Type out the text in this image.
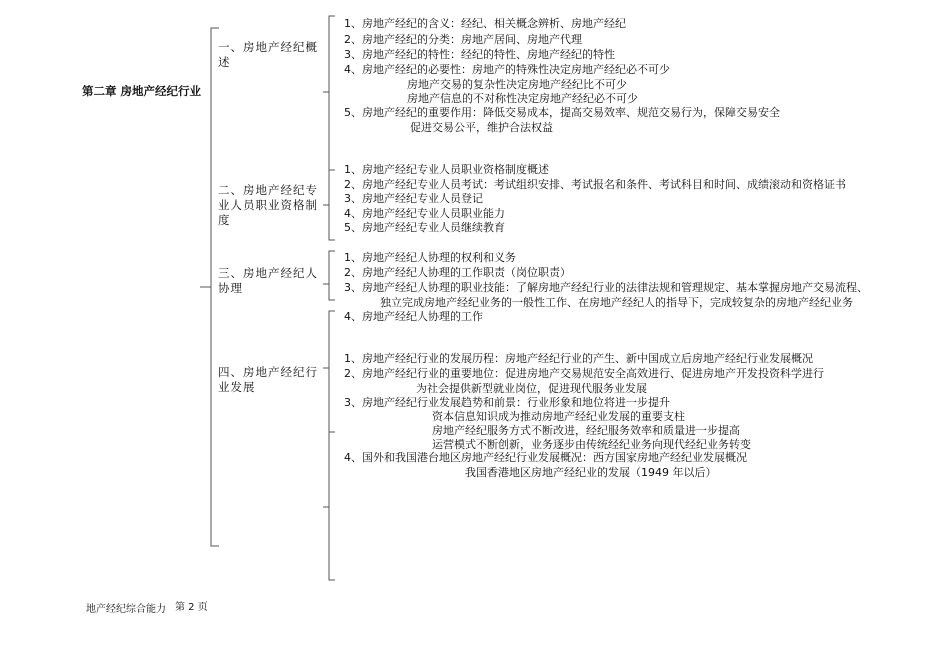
第二章 房地产经纪行业
一、房地产经纪概述
二、房地产经纪专业人员职业资格制度
三、房地产经纪人协理
四、房地产经纪行业发展
1、房地产经纪的含义：经纪、相关概念辨析、房地产经纪
2、房地产经纪的分类：房地产居间、房地产代理
3、房地产经纪的特性：经纪的特性、房地产经纪的特性
4、房地产经纪的必要性：房地产的特殊性决定房地产经纪必不可少
房地产交易的复杂性决定房地产经纪比不可少
房地产信息的不对称性决定房地产经纪必不可少
5、房地产经纪的重要作用：降低交易成本，提高交易效率、规范交易行为，保障交易安全
促进交易公平，维护合法权益
1、房地产经纪专业人员职业资格制度概述
2、房地产经纪专业人员考试：考试组织安排、考试报名和条件、考试科目和时间、成绩滚动和资格证书
3、房地产经纪专业人员登记
4、房地产经纪专业人员职业能力
5、房地产经纪专业人员继续教育
1、房地产经纪人协理的权利和义务
2、房地产经纪人协理的工作职责（岗位职责）
3、房地产经纪人协理的职业技能：了解房地产经纪行业的法律法规和管理规定、基本掌握房地产交易流程、
独立完成房地产经纪业务的一般性工作、在房地产经纪人的指导下，完成较复杂的房地产经纪业务
4、房地产经纪人协理的工作
1、房地产经纪行业的发展历程：房地产经纪行业的产生、新中国成立后房地产经纪行业发展概况
2、房地产经纪行业的重要地位：促进房地产交易规范安全高效进行、促进房地产开发投资科学进行
为社会提供新型就业岗位，促进现代服务业发展
3、房地产经纪行业发展趋势和前景：行业形象和地位将进一步提升
资本信息知识成为推动房地产经纪业发展的重要支柱
房地产经纪服务方式不断改进，经纪服务效率和质量进一步提高
运营模式不断创新，业务逐步由传统经纪业务向现代经纪业务转变
4、国外和我国港台地区房地产经纪行业发展概况：西方国家房地产经纪业发展概况
我国香港地区房地产经纪业的发展（1949 年以后）
地产经纪综合能力 第 2 页
